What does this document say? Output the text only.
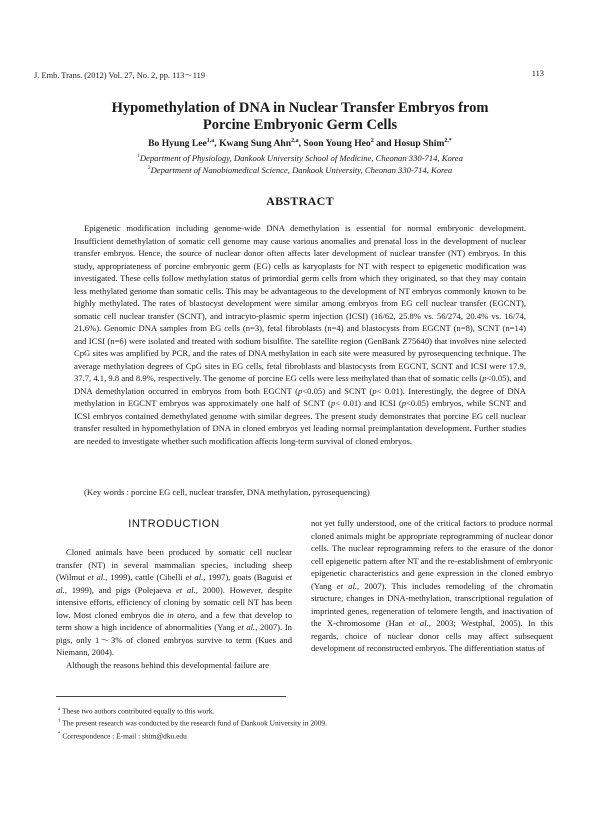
J. Emb. Trans. (2012) Vol. 27, No. 2, pp. 113～119	113
Hypomethylation of DNA in Nuclear Transfer Embryos from
Porcine Embryonic Germ Cells
Bo Hyung Lee$^{1,a}$, Kwang Sung Ahn$^{2,a}$, Soon Young Heo$^2$ and Hosup Shim$^{2,*}$
$^1$Department of Physiology, Dankook University School of Medicine, Cheonan 330-714, Korea
$^2$Department of Nanobiomedical Science, Dankook University, Cheonan 330-714, Korea
ABSTRACT

Epigenetic modification including genome-wide DNA demethylation is essential for normal embryonic development. Insufficient demethylation of somatic cell genome may cause various anomalies and prenatal loss in the development of nuclear transfer embryos. Hence, the source of nuclear donor often affects later development of nuclear transfer (NT) embryos. In this study, appropriateness of porcine embryonic germ (EG) cells as karyoplasts for NT with respect to epigenetic modification was investigated. These cells follow methylation status of primordial germ cells from which they originated, so that they may contain less methylated genome than somatic cells. This may be advantageous to the development of NT embryos commonly known to be highly methylated. The rates of blastocyst development were similar among embryos from EG cell nuclear transfer (EGCNT), somatic cell nuclear transfer (SCNT), and intracyto-plasmic sperm injection (ICSI) (16/62, 25.8% vs. 56/274, 20.4% vs. 16/74, 21.6%). Genomic DNA samples from EG cells (n=3), fetal fibroblasts (n=4) and blastocysts from EGCNT (n=8), SCNT (n=14) and ICSI (n=6) were isolated and treated with sodium bisulfite. The satellite region (GenBank Z75640) that involves nine selected CpG sites was amplified by PCR, and the rates of DNA methylation in each site were measured by pyrosequencing technique. The average methylation degrees of CpG sites in EG cells, fetal fibroblasts and blastocysts from EGCNT, SCNT and ICSI were 17.9, 37.7, 4.1, 9.8 and 8.9%, respectively. The genome of porcine EG cells were less methylated than that of somatic cells (p<0.05), and DNA demethylation occurred in embryos from both EGCNT (p<0.05) and SCNT (p< 0.01). Interestingly, the degree of DNA methylation in EGCNT embryos was approximately one half of SCNT (p< 0.01) and ICSI (p<0.05) embryos, while SCNT and ICSI embryos contained demethylated genome with similar degrees. The present study demonstrates that porcine EG cell nuclear transfer resulted in hypomethylation of DNA in cloned embryos yet leading normal preimplantation development. Further studies are needed to investigate whether such modification affects long-term survival of cloned embryos.

(Key words : porcine EG cell, nuclear transfer, DNA methylation, pyrosequencing)
INTRODUCTION

Cloned animals have been produced by somatic cell nuclear transfer (NT) in several mammalian species, including sheep (Wilmut et al., 1999), cattle (Cibelli et al., 1997), goats (Baguisi et al., 1999), and pigs (Polejaeva et al., 2000). However, despite intensive efforts, efficiency of cloning by somatic cell NT has been low. Most cloned embryos die in utero, and a few that develop to term show a high incidence of abnormalities (Yang et al., 2007). In pigs, only 1～3% of cloned embryos survive to term (Kues and Niemann, 2004).

Although the reasons behind this developmental failure are

not yet fully understood, one of the critical factors to produce normal cloned animals might be appropriate reprogramming of nuclear donor cells. The nuclear reprogramming refers to the erasure of the donor cell epigenetic pattern after NT and the re-establishment of embryonic epigenetic characteristics and gene expression in the cloned embryo (Yang et al., 2007). This includes remodeling of the chromatin structure, changes in DNA-methylation, transcriptional regulation of imprinted genes, regeneration of telomere length, and inactivation of the X-chromosome (Han et al., 2003; Westphal, 2005). In this regards, choice of nuclear donor cells may affect subsequent development of reconstructed embryos. The differentiation status of

$^a$ These two authors contributed equally to this work.
† The present research was conducted by the research fund of Dankook University in 2009.
* Correspondence : E-mail : shim@dku.edu
